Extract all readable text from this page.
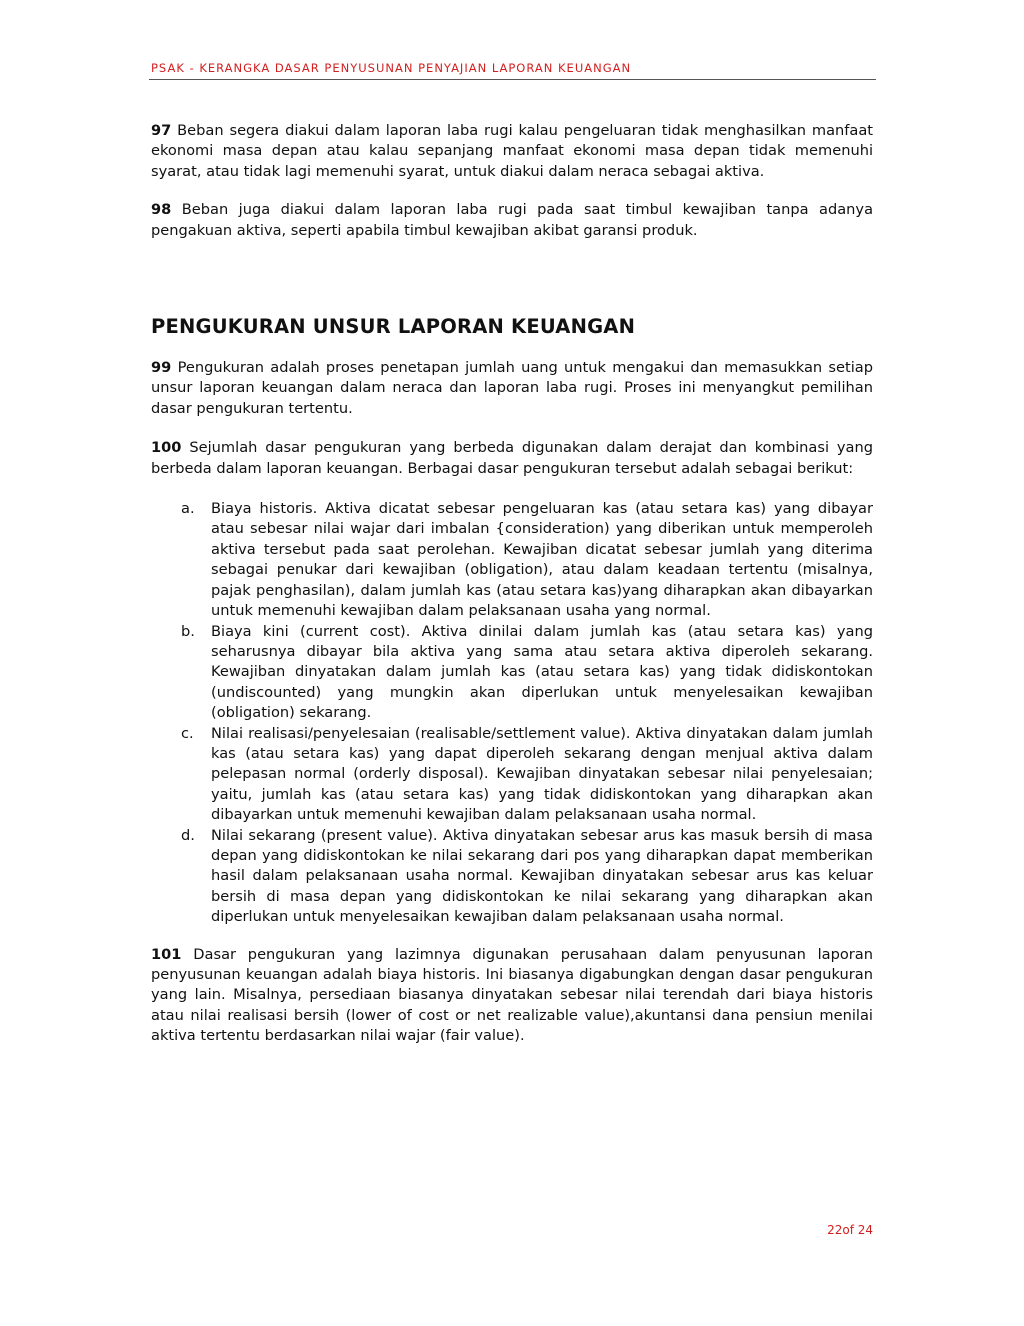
PSAK - KERANGKA DASAR PENYUSUNAN PENYAJIAN LAPORAN KEUANGAN

97 Beban segera diakui dalam laporan laba rugi kalau pengeluaran tidak menghasilkan manfaat ekonomi masa depan atau kalau sepanjang manfaat ekonomi masa depan tidak memenuhi syarat, atau tidak lagi memenuhi syarat, untuk diakui dalam neraca sebagai aktiva.

98 Beban juga diakui dalam laporan laba rugi pada saat timbul kewajiban tanpa adanya pengakuan aktiva, seperti apabila timbul kewajiban akibat garansi produk.

PENGUKURAN UNSUR LAPORAN KEUANGAN

99 Pengukuran adalah proses penetapan jumlah uang untuk mengakui dan memasukkan setiap unsur laporan keuangan dalam neraca dan laporan laba rugi. Proses ini menyangkut pemilihan dasar pengukuran tertentu.

100 Sejumlah dasar pengukuran yang berbeda digunakan dalam derajat dan kombinasi yang berbeda dalam laporan keuangan. Berbagai dasar pengukuran tersebut adalah sebagai berikut:

a. Biaya historis. Aktiva dicatat sebesar pengeluaran kas (atau setara kas) yang dibayar atau sebesar nilai wajar dari imbalan {consideration) yang diberikan untuk memperoleh aktiva tersebut pada saat perolehan. Kewajiban dicatat sebesar jumlah yang diterima sebagai penukar dari kewajiban (obligation), atau dalam keadaan tertentu (misalnya, pajak penghasilan), dalam jumlah kas (atau setara kas)yang diharapkan akan dibayarkan untuk memenuhi kewajiban dalam pelaksanaan usaha yang normal.
b. Biaya kini (current cost). Aktiva dinilai dalam jumlah kas (atau setara kas) yang seharusnya dibayar bila aktiva yang sama atau setara aktiva diperoleh sekarang. Kewajiban dinyatakan dalam jumlah kas (atau setara kas) yang tidak didiskontokan (undiscounted) yang mungkin akan diperlukan untuk menyelesaikan kewajiban (obligation) sekarang.
c. Nilai realisasi/penyelesaian (realisable/settlement value). Aktiva dinyatakan dalam jumlah kas (atau setara kas) yang dapat diperoleh sekarang dengan menjual aktiva dalam pelepasan normal (orderly disposal). Kewajiban dinyatakan sebesar nilai penyelesaian; yaitu, jumlah kas (atau setara kas) yang tidak didiskontokan yang diharapkan akan dibayarkan untuk memenuhi kewajiban dalam pelaksanaan usaha normal.
d. Nilai sekarang (present value). Aktiva dinyatakan sebesar arus kas masuk bersih di masa depan yang didiskontokan ke nilai sekarang dari pos yang diharapkan dapat memberikan hasil dalam pelaksanaan usaha normal. Kewajiban dinyatakan sebesar arus kas keluar bersih di masa depan yang didiskontokan ke nilai sekarang yang diharapkan akan diperlukan untuk menyelesaikan kewajiban dalam pelaksanaan usaha normal.

101 Dasar pengukuran yang lazimnya digunakan perusahaan dalam penyusunan laporan penyusunan keuangan adalah biaya historis. Ini biasanya digabungkan dengan dasar pengukuran yang lain. Misalnya, persediaan biasanya dinyatakan sebesar nilai terendah dari biaya historis atau nilai realisasi bersih (lower of cost or net realizable value),akuntansi dana pensiun menilai aktiva tertentu berdasarkan nilai wajar (fair value).

22of 24
